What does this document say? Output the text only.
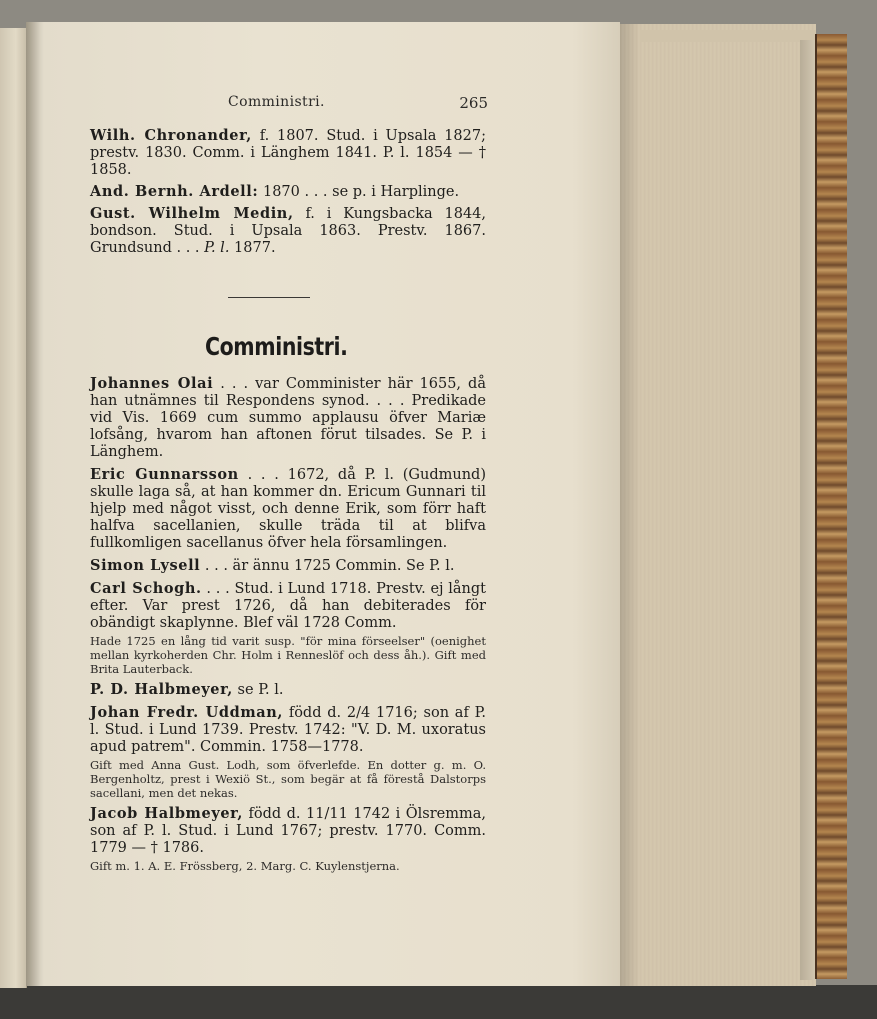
Comministri.	265

Wilh. Chronander, f. 1807. Stud. i Upsala 1827; prestv. 1830. Comm. i Länghem 1841. P. l. 1854 — † 1858.

And. Bernh. Ardell: 1870 . . . se p. i Harplinge.

Gust. Wilhelm Medin, f. i Kungsbacka 1844, bondson. Stud. i Upsala 1863. Prestv. 1867. Grundsund . . . P. l. 1877.

Comministri.

Johannes Olai . . . var Comminister här 1655, då han utnämnes til Respondens synod. . . . Predikade vid Vis. 1669 cum summo applausu öfver Mariæ lofsång, hvarom han aftonen förut tilsades. Se P. i Länghem.

Eric Gunnarsson . . . 1672, då P. l. (Gudmund) skulle laga så, at han kommer dn. Ericum Gunnari til hjelp med något visst, och denne Erik, som förr haft halfva sacellanien, skulle träda til at blifva fullkomligen sacellanus öfver hela församlingen.

Simon Lysell . . . är ännu 1725 Commin. Se P. l.

Carl Schogh. . . . Stud. i Lund 1718. Prestv. ej långt efter. Var prest 1726, då han debiterades för obändigt skaplynne. Blef väl 1728 Comm.

Hade 1725 en lång tid varit susp. "för mina förseelser" (oenighet mellan kyrkoherden Chr. Holm i Renneslöf och dess åh.). Gift med Brita Lauterback.

P. D. Halbmeyer, se P. l.

Johan Fredr. Uddman, född d. 2/4 1716; son af P. l. Stud. i Lund 1739. Prestv. 1742: "V. D. M. uxoratus apud patrem". Commin. 1758—1778.

Gift med Anna Gust. Lodh, som öfverlefde. En dotter g. m. O. Bergenholtz, prest i Wexiö St., som begär at få förestå Dalstorps sacellani, men det nekas.

Jacob Halbmeyer, född d. 11/11 1742 i Ölsremma, son af P. l. Stud. i Lund 1767; prestv. 1770. Comm. 1779 — † 1786.

Gift m. 1. A. E. Frössberg, 2. Marg. C. Kuylenstjerna.
